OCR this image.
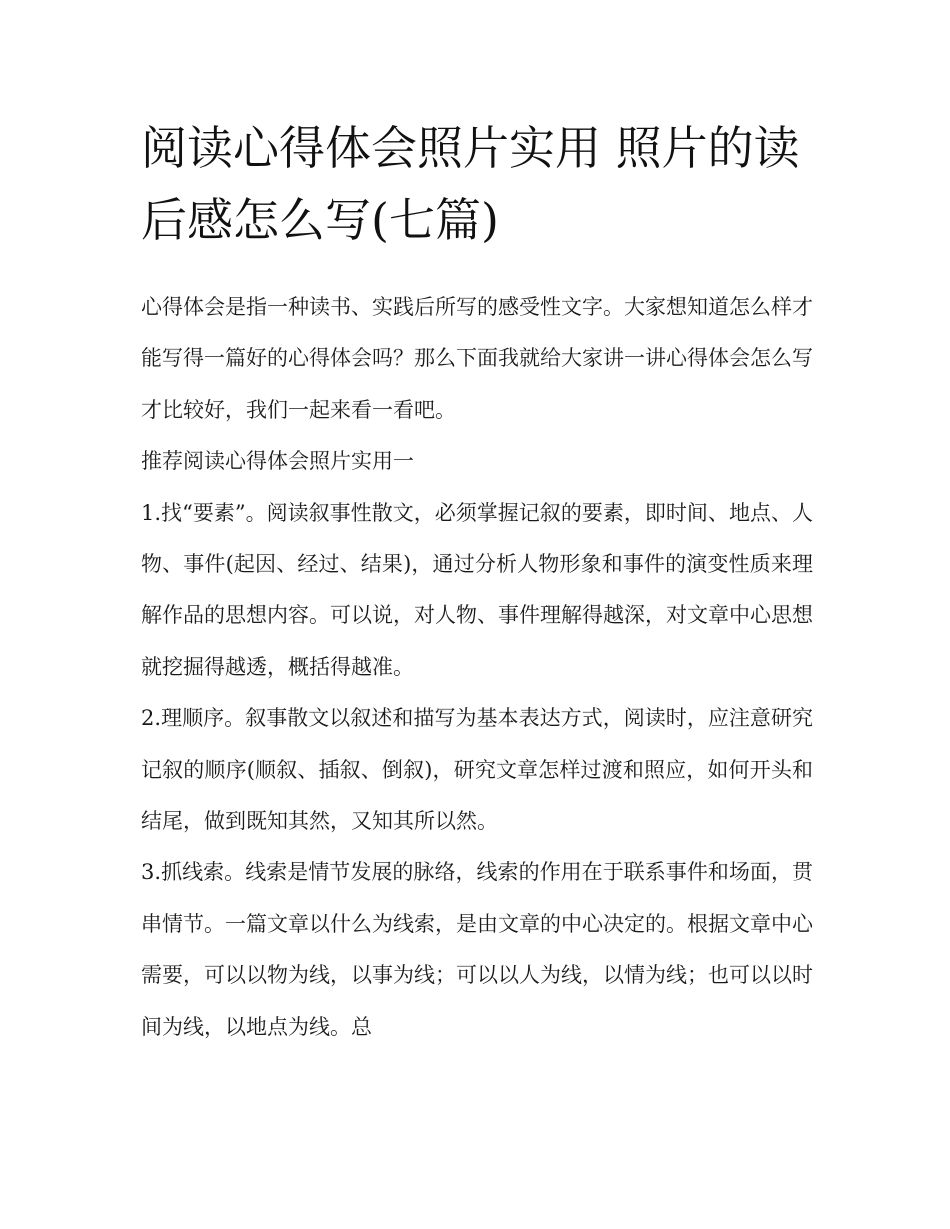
阅读心得体会照片实用 照片的读后感怎么写(七篇)

心得体会是指一种读书、实践后所写的感受性文字。大家想知道怎么样才能写得一篇好的心得体会吗？那么下面我就给大家讲一讲心得体会怎么写才比较好，我们一起来看一看吧。

推荐阅读心得体会照片实用一

1.找“要素”。阅读叙事性散文，必须掌握记叙的要素，即时间、地点、人物、事件(起因、经过、结果)，通过分析人物形象和事件的演变性质来理解作品的思想内容。可以说，对人物、事件理解得越深，对文章中心思想就挖掘得越透，概括得越准。

2.理顺序。叙事散文以叙述和描写为基本表达方式，阅读时，应注意研究记叙的顺序(顺叙、插叙、倒叙)，研究文章怎样过渡和照应，如何开头和结尾，做到既知其然，又知其所以然。

3.抓线索。线索是情节发展的脉络，线索的作用在于联系事件和场面，贯串情节。一篇文章以什么为线索，是由文章的中心决定的。根据文章中心需要，可以以物为线，以事为线；可以以人为线，以情为线；也可以以时间为线，以地点为线。总
